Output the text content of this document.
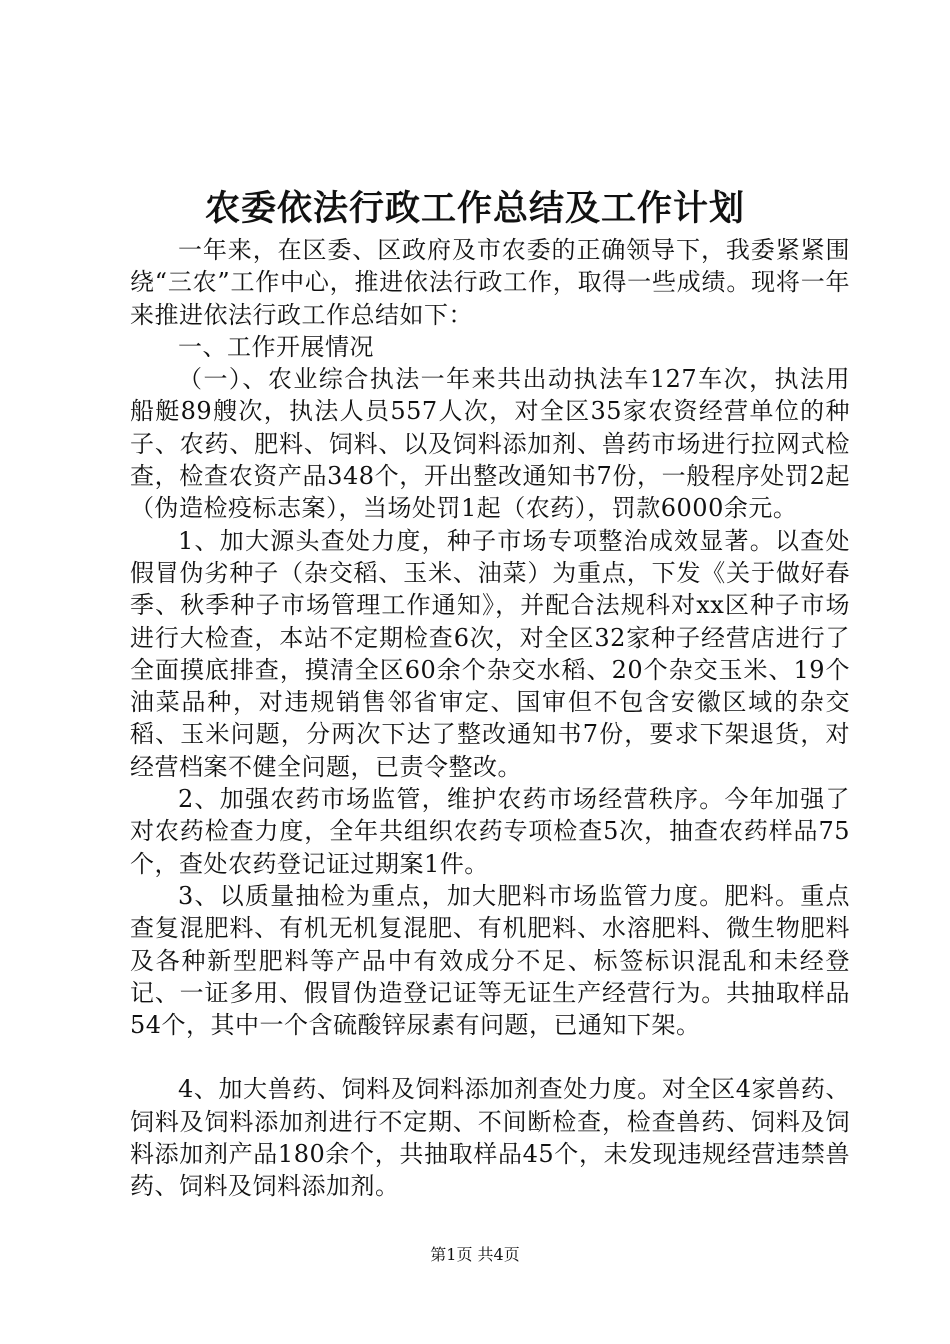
农委依法行政工作总结及工作计划

一年来，在区委、区政府及市农委的正确领导下，我委紧紧围绕“三农”工作中心，推进依法行政工作，取得一些成绩。现将一年来推进依法行政工作总结如下：

一、工作开展情况

（一）、农业综合执法一年来共出动执法车127车次，执法用船艇89艘次，执法人员557人次，对全区35家农资经营单位的种子、农药、肥料、饲料、以及饲料添加剂、兽药市场进行拉网式检查，检查农资产品348个，开出整改通知书7份，一般程序处罚2起（伪造检疫标志案），当场处罚1起（农药），罚款6000余元。

1、加大源头查处力度，种子市场专项整治成效显著。以查处假冒伪劣种子（杂交稻、玉米、油菜）为重点，下发《关于做好春季、秋季种子市场管理工作通知》，并配合法规科对xx区种子市场进行大检查，本站不定期检查6次，对全区32家种子经营店进行了全面摸底排查，摸清全区60余个杂交水稻、20个杂交玉米、19个油菜品种，对违规销售邻省审定、国审但不包含安徽区域的杂交稻、玉米问题，分两次下达了整改通知书7份，要求下架退货，对经营档案不健全问题，已责令整改。

2、加强农药市场监管，维护农药市场经营秩序。今年加强了对农药检查力度，全年共组织农药专项检查5次，抽查农药样品75个，查处农药登记证过期案1件。

3、以质量抽检为重点，加大肥料市场监管力度。肥料。重点查复混肥料、有机无机复混肥、有机肥料、水溶肥料、微生物肥料及各种新型肥料等产品中有效成分不足、标签标识混乱和未经登记、一证多用、假冒伪造登记证等无证生产经营行为。共抽取样品54个，其中一个含硫酸锌尿素有问题，已通知下架。

4、加大兽药、饲料及饲料添加剂查处力度。对全区4家兽药、饲料及饲料添加剂进行不定期、不间断检查，检查兽药、饲料及饲料添加剂产品180余个，共抽取样品45个，未发现违规经营违禁兽药、饲料及饲料添加剂。

第1页 共4页
